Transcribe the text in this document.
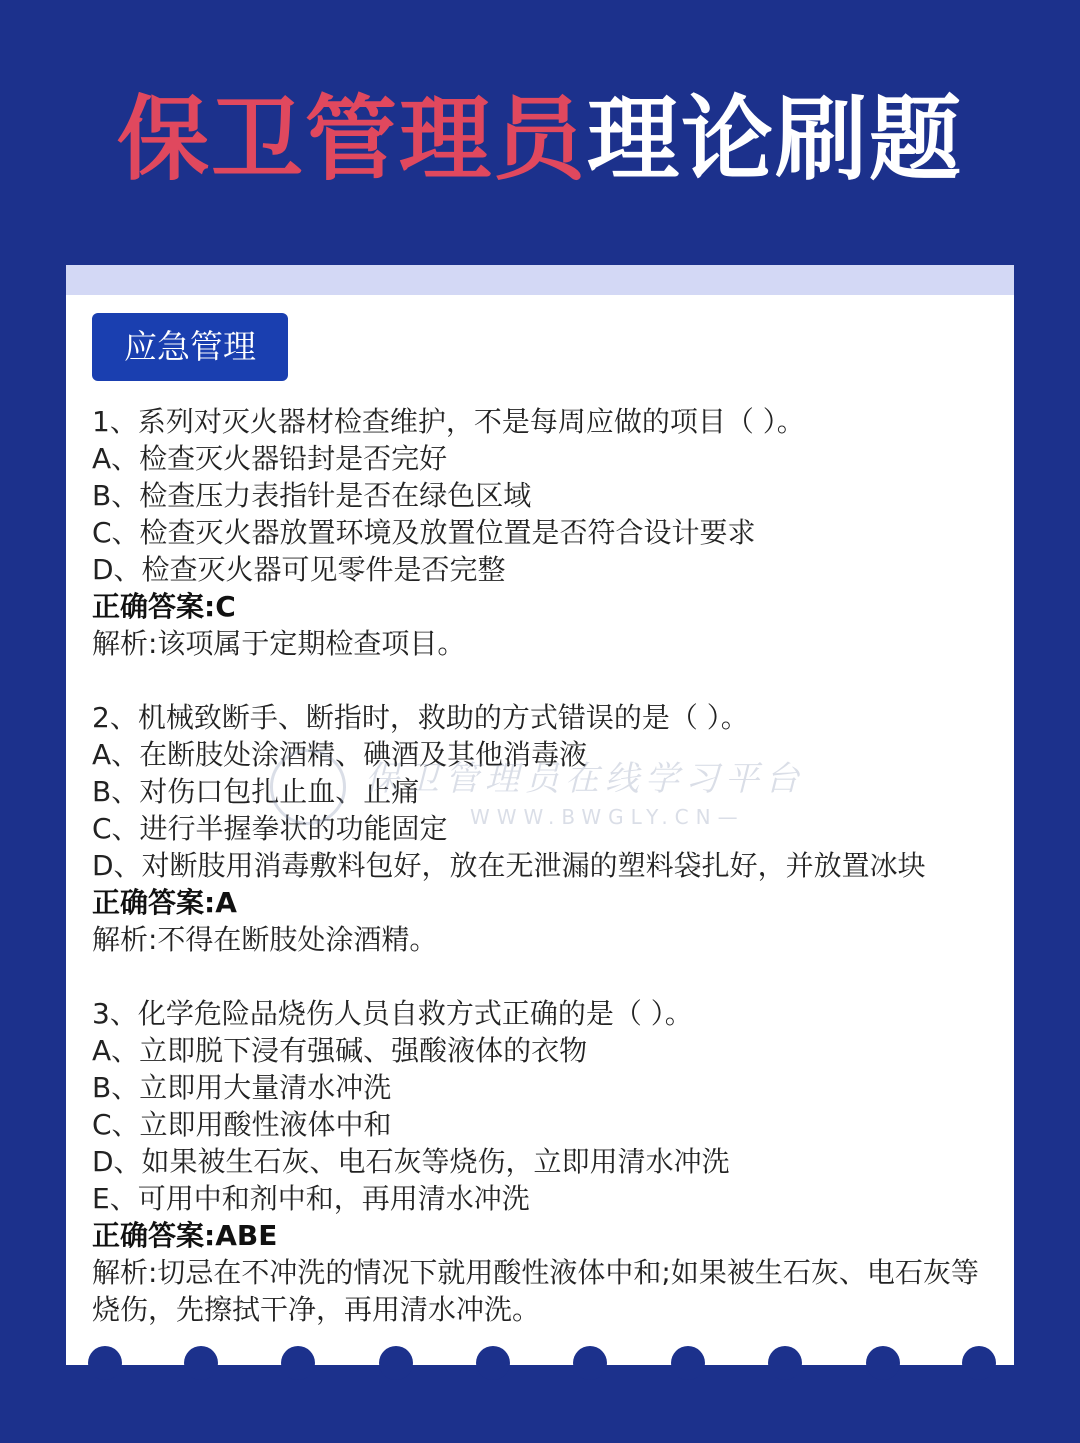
保卫管理员理论刷题
应急管理
1、系列对灭火器材检查维护，不是每周应做的项目（ ）。
A、检查灭火器铅封是否完好
B、检查压力表指针是否在绿色区域
C、检查灭火器放置环境及放置位置是否符合设计要求
D、检查灭火器可见零件是否完整
正确答案:C
解析:该项属于定期检查项目。
2、机械致断手、断指时，救助的方式错误的是（ ）。
A、在断肢处涂酒精、碘酒及其他消毒液
B、对伤口包扎止血、止痛
C、进行半握拳状的功能固定
D、对断肢用消毒敷料包好，放在无泄漏的塑料袋扎好，并放置冰块
正确答案:A
解析:不得在断肢处涂酒精。
3、化学危险品烧伤人员自救方式正确的是（ ）。
A、立即脱下浸有强碱、强酸液体的衣物
B、立即用大量清水冲洗
C、立即用酸性液体中和
D、如果被生石灰、电石灰等烧伤，立即用清水冲洗
E、可用中和剂中和，再用清水冲洗
正确答案:ABE
解析:切忌在不冲洗的情况下就用酸性液体中和;如果被生石灰、电石灰等烧伤，先擦拭干净，再用清水冲洗。
保卫管理员在线学习平台
WWW.BWGLY.CN—
